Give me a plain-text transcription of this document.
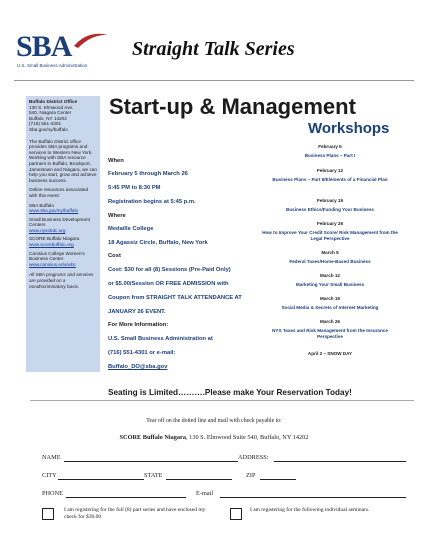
SBA
U.S. Small Business Administration
Straight Talk Series

Buffalo District Office
130 S. Elmwood Ave.
540, Niagara Center
Buffalo, NY 14202
(716) 551-4301
Sba.gov/ny/buffalo

The Buffalo District office provides SBA programs and services to Western New York. Working with SBA resource partners in Buffalo, Brockport, Jamestown and Niagara, we can help you start, grow and achieve business success.

Online resources associated with this event:

SBA Buffalo
www.sba.gov/ny/buffalo

Small Business Development Centers
www.nyssbdc.org

SCORE Buffalo Niagara
www.scorebuffalo.org

Canisius College Women's Business Center
www.canisius.edu/wbc

All SBA programs and services are provided on a nondiscriminatory basis.

Start-up & Management
Workshops
When
February 5 through March 26
5:45 PM to 8:30 PM
Registration begins at 5:45 p.m.
Where
Medaille College
18 Agassiz Circle, Buffalo, New York
Cost
Cost: $30 for all (8) Sessions (Pre-Paid Only)
or $5.00/Session OR FREE ADMISSION with
Coupon from STRAIGHT TALK ATTENDANCE AT
JANUARY 26 EVENT.
For More Information:
U.S. Small Business Administration at
(716) 551-4301 or e-mail:
Buffalo_DO@sba.gov
February 5
Business Plans – Part I
February 12
Business Plans – Part II/Elements of a Financial Plan
February 19
Business Ethics/Funding Your Business
February 26
How to Improve Your Credit Score/ Risk Management from the Legal Perspective
March 5
Federal Taxes/Home-Based Business
March 12
Marketing Your Small Business
March 19
Social Media & Secrets of Internet Marketing
March 26
NYS Taxes and Risk Management from the Insurance Perspective
April 2 – SNOW DAY
Seating is Limited……….Please make Your Reservation Today!
Tear off on the dotted line and mail with check payable to:
SCORE Buffalo Niagara, 130 S. Elmwood Suite 540, Buffalo, NY 14202
NAME	ADDRESS:
CITY	STATE	ZIP
PHONE	E-mail
I am registering for the full (8) part series and have enclosed my check for $30.00
I am registering for the following individual seminars.
